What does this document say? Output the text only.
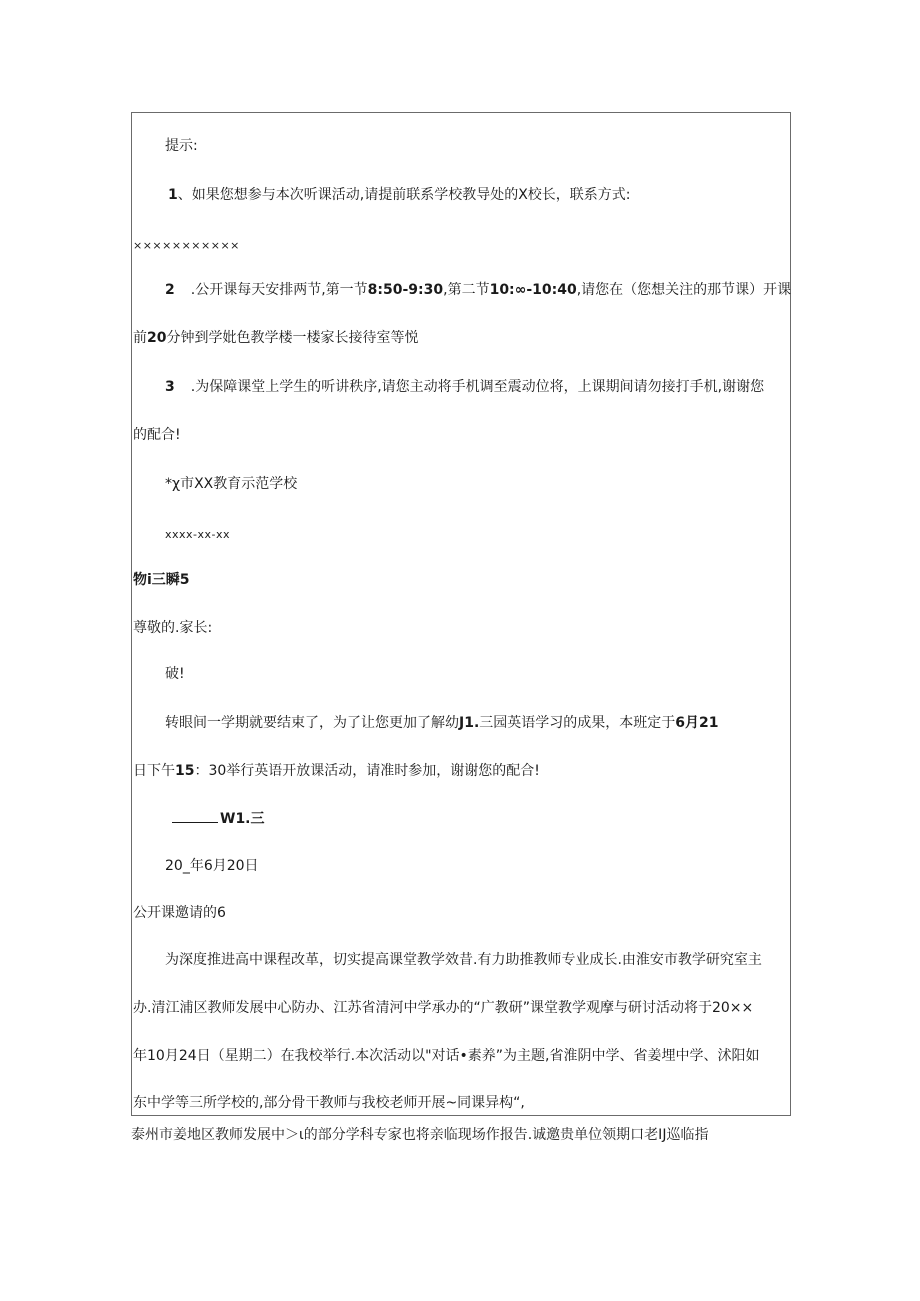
提示:
1、如果您想参与本次听课活动,请提前联系学校教导处的X校长，联系方式:
×××××××××××
2 .公开课每天安排两节,第一节8:50-9:30,第二节10:∞-10:40,请您在（您想关注的那节课）开课
前20分钟到学妣色教学楼一楼家长接待室等悦
3 .为保障课堂上学生的听讲秩序,请您主动将手机调至震动位将，上课期间请勿接打手机,谢谢您
的配合!
*χ市XX教育示范学校
xxxx-xx-xx
物i三瞬5
尊敬的.家长:
破!
转眼间一学期就要结束了，为了让您更加了解幼J1.三园英语学习的成果，本班定于6月21
日下午15：30举行英语开放课活动，请准时参加，谢谢您的配合!
W1.三
20_年6月20日
公开课邀请的6
为深度推进高中课程改革，切实提高课堂教学效昔.有力助推教师专业成长.由淮安市教学研究室主
办.清江浦区教师发展中心防办、江苏省清河中学承办的“广教研”课堂教学观摩与研讨活动将于20××
年10月24日（星期二）在我校举行.本次活动以"对话•素养”为主题,省淮阴中学、省姜埋中学、沭阳如
东中学等三所学校的,部分骨干教师与我校老师开展~同课异构“,
泰州市姜地区教师发展中＞ι的部分学科专家也将亲临现场作报告.诚邀贵单位领期口老IJ巡临指
